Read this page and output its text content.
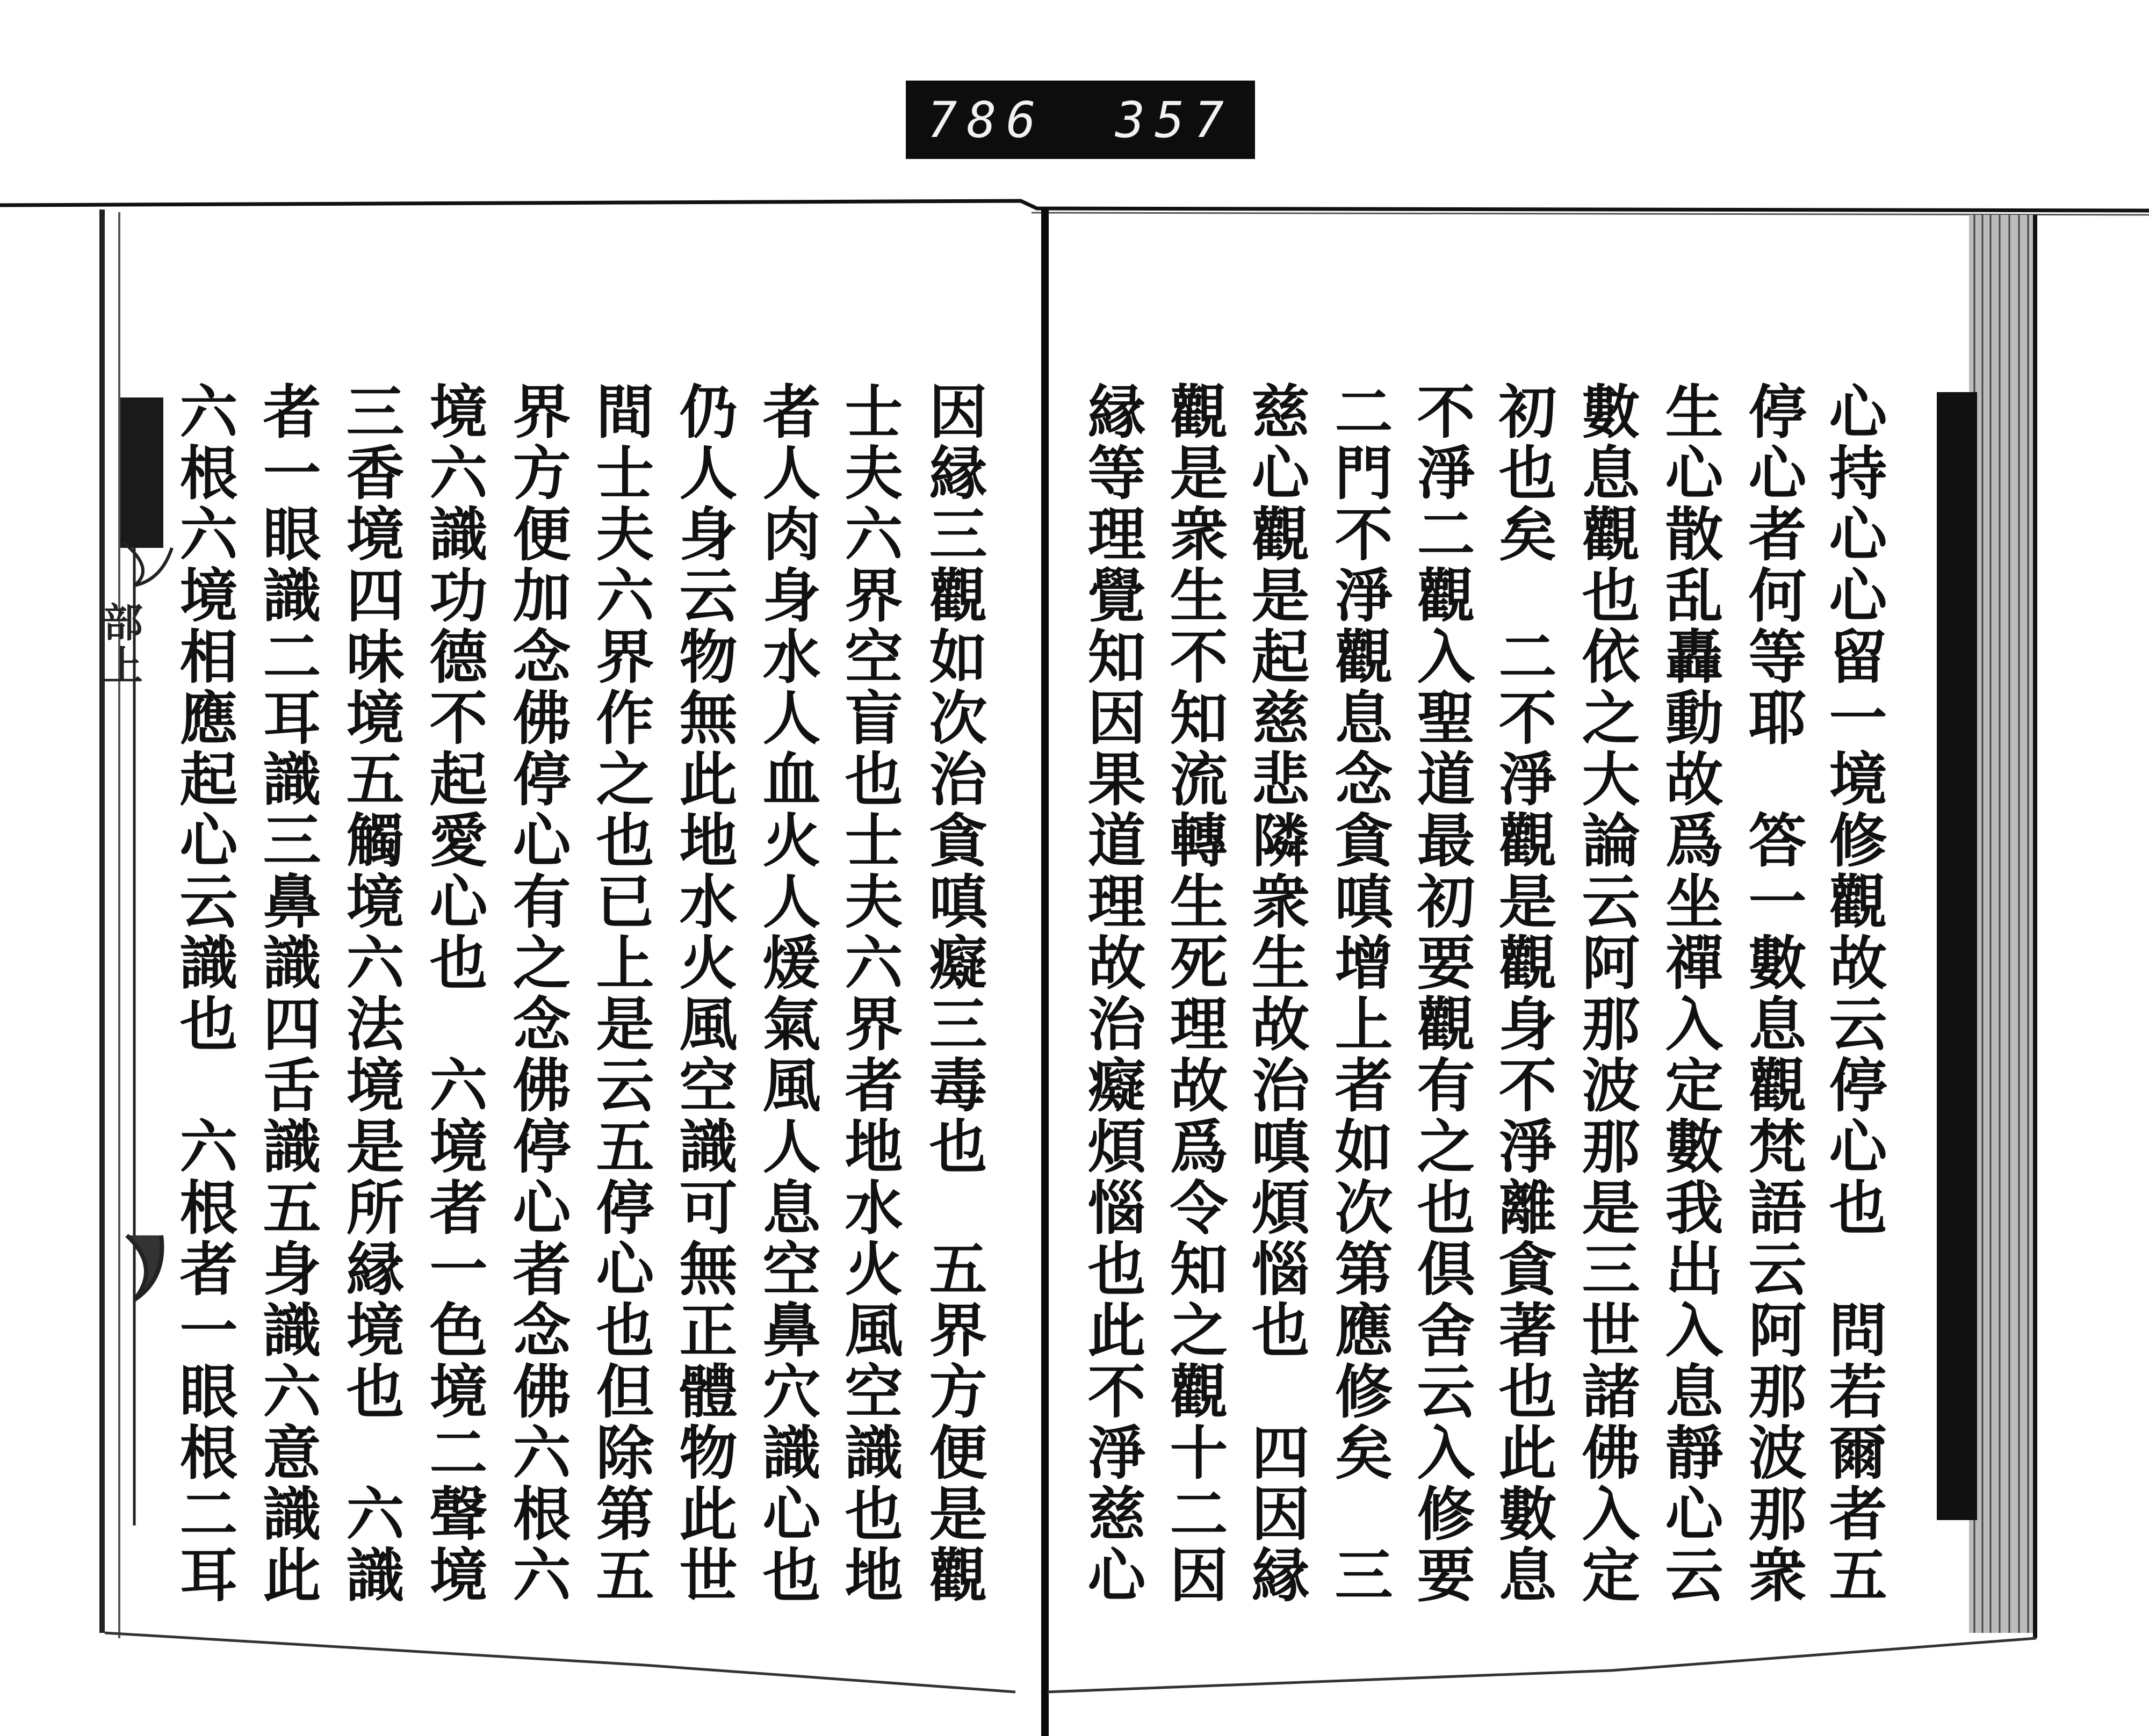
786 357
部上	心持心心留一境修觀故云停心也　問若爾者五
停心者何等耶　答一數息觀梵語云阿那波那衆
生心散乱轟動故爲坐禪入定數我出入息靜心云
數息觀也依之大論云阿那波那是三世諸佛入定
初也矣　二不淨觀是觀身不淨離貪著也此數息
不淨二觀入聖道最初要觀有之也倶舍云入修要
二門不淨觀息念貪嗔增上者如次第應修矣　三
慈心觀是起慈悲隣衆生故治嗔煩惱也　四因縁
觀是衆生不知流轉生死理故爲令知之觀十二因
縁等理覺知因果道理故治癡煩惱也此不淨慈心
因縁三觀如次治貪嗔癡三毒也　五界方便是觀
士夫六界空盲也士夫六界者地水火風空識也地
者人肉身水人血火人煖氣風人息空鼻穴識心也
仍人身云物無此地水火風空識可無正體物此世
間士夫六界作之也已上是云五停心也但除第五
界方便加念佛停心有之念佛停心者念佛六根六
境六識功德不起愛心也　六境者一色境二聲境
三香境四味境五觸境六法境是所縁境也　六識
者一眼識二耳識三鼻識四舌識五身識六意識此
六根六境相應起心云識也　六根者一眼根二耳
